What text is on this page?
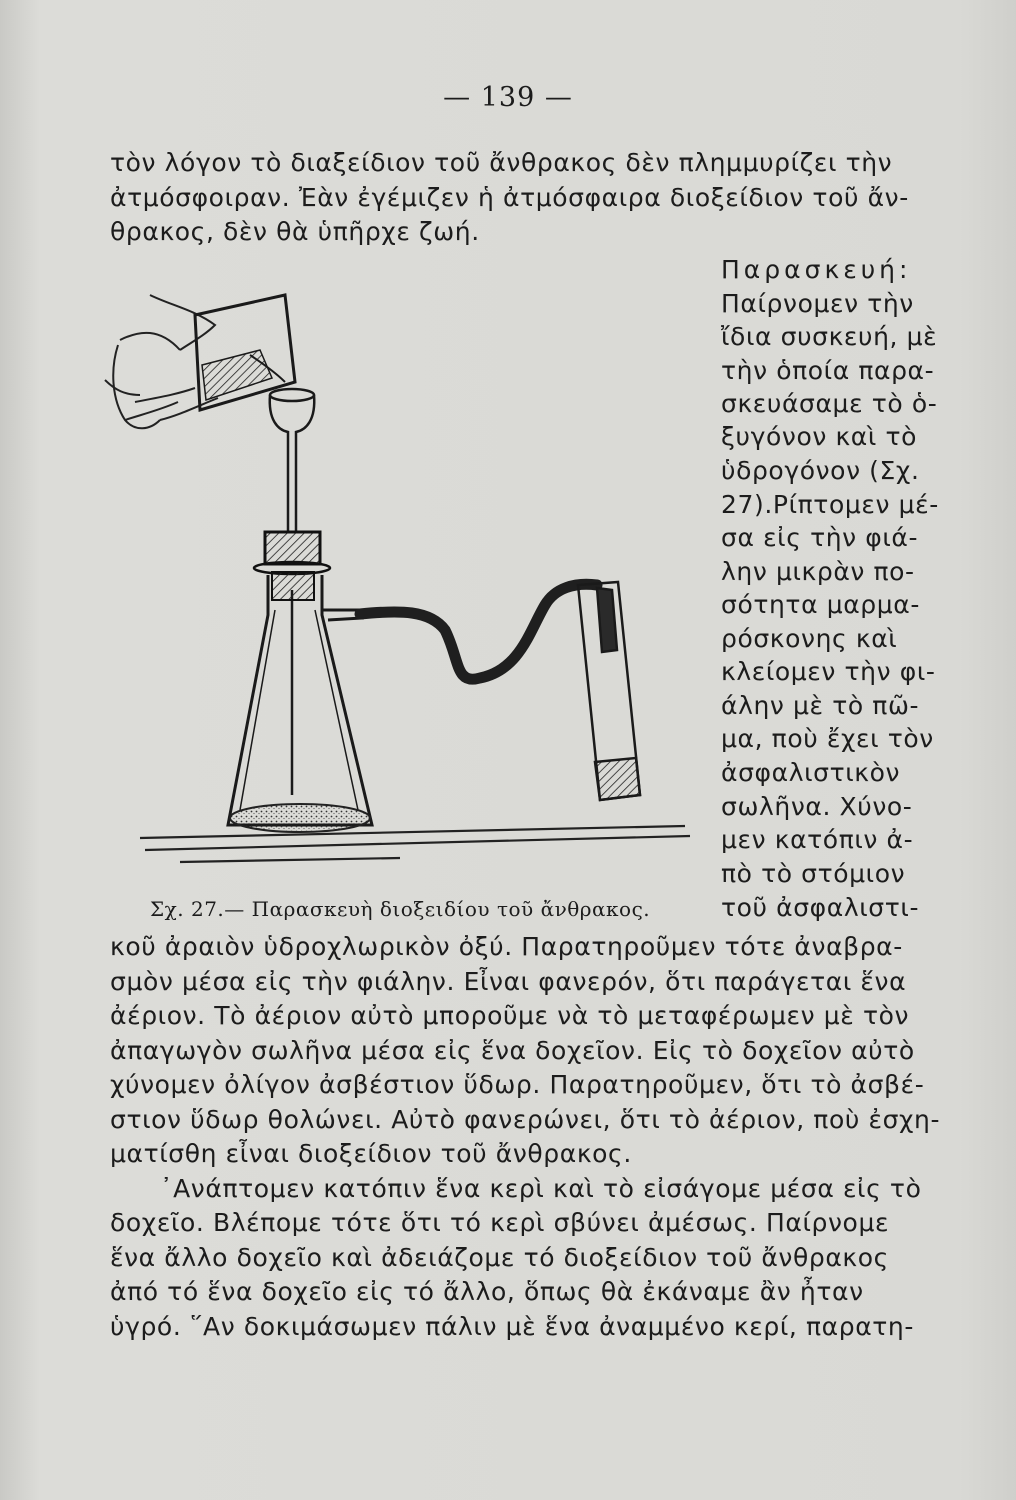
— 139 —
τὸν λόγον τὸ διαξείδιον τοῦ ἄνθρακος δὲν πλημμυρίζει τὴν
ἀτμόσφοιραν. Ἐὰν ἐγέμιζεν ἡ ἀτμόσφαιρα διοξείδιον τοῦ ἄν-
θρακος, δὲν θὰ ὑπῆρχε ζωή.
Παρασκευή:
Παίρνομεν τὴν
ἴδια συσκευή, μὲ
τὴν ὁποία παρα-
σκευάσαμε τὸ ὁ-
ξυγόνον καὶ τὸ
ὑδρογόνον (Σχ.
27).Ρίπτομεν μέ-
σα εἰς τὴν φιά-
λην μικρὰν πο-
σότητα μαρμα-
ρόσκονης καὶ
κλείομεν τὴν φι-
άλην μὲ τὸ πῶ-
μα, ποὺ ἔχει τὸν
ἀσφαλιστικὸν
σωλῆνα. Χύνο-
μεν κατόπιν ἀ-
πὸ τὸ στόμιον
τοῦ ἀσφαλιστι-
Σχ. 27.— Παρασκευὴ διοξειδίου τοῦ ἄνθρακος.
κοῦ ἀραιὸν ὑδροχλωρικὸν ὀξύ. Παρατηροῦμεν τότε ἀναβρα-
σμὸν μέσα εἰς τὴν φιάλην. Εἶναι φανερόν, ὅτι παράγεται ἕνα
ἀέριον. Τὸ ἀέριον αὐτὸ μποροῦμε νὰ τὸ μεταφέρωμεν μὲ τὸν
ἀπαγωγὸν σωλῆνα μέσα εἰς ἕνα δοχεῖον. Εἰς τὸ δοχεῖον αὐτὸ
χύνομεν ὀλίγον ἀσβέστιον ὕδωρ. Παρατηροῦμεν, ὅτι τὸ ἀσβέ-
στιον ὕδωρ θολώνει. Αὐτὸ φανερώνει, ὅτι τὸ ἀέριον, ποὺ ἐσχη-
ματίσθη εἶναι διοξείδιον τοῦ ἄνθρακος.
᾿Ανάπτομεν κατόπιν ἕνα κερὶ καὶ τὸ εἰσάγομε μέσα εἰς τὸ
δοχεῖο. Βλέπομε τότε ὅτι τό κερὶ σβύνει ἀμέσως. Παίρνομε
ἕνα ἄλλο δοχεῖο καὶ ἀδειάζομε τό διοξείδιον τοῦ ἄνθρακος
ἀπό τό ἕνα δοχεῖο εἰς τό ἄλλο, ὅπως θὰ ἐκάναμε ἂν ἦταν
ὑγρό. ῞Αν δοκιμάσωμεν πάλιν μὲ ἕνα ἀναμμένο κερί, παρατη-
